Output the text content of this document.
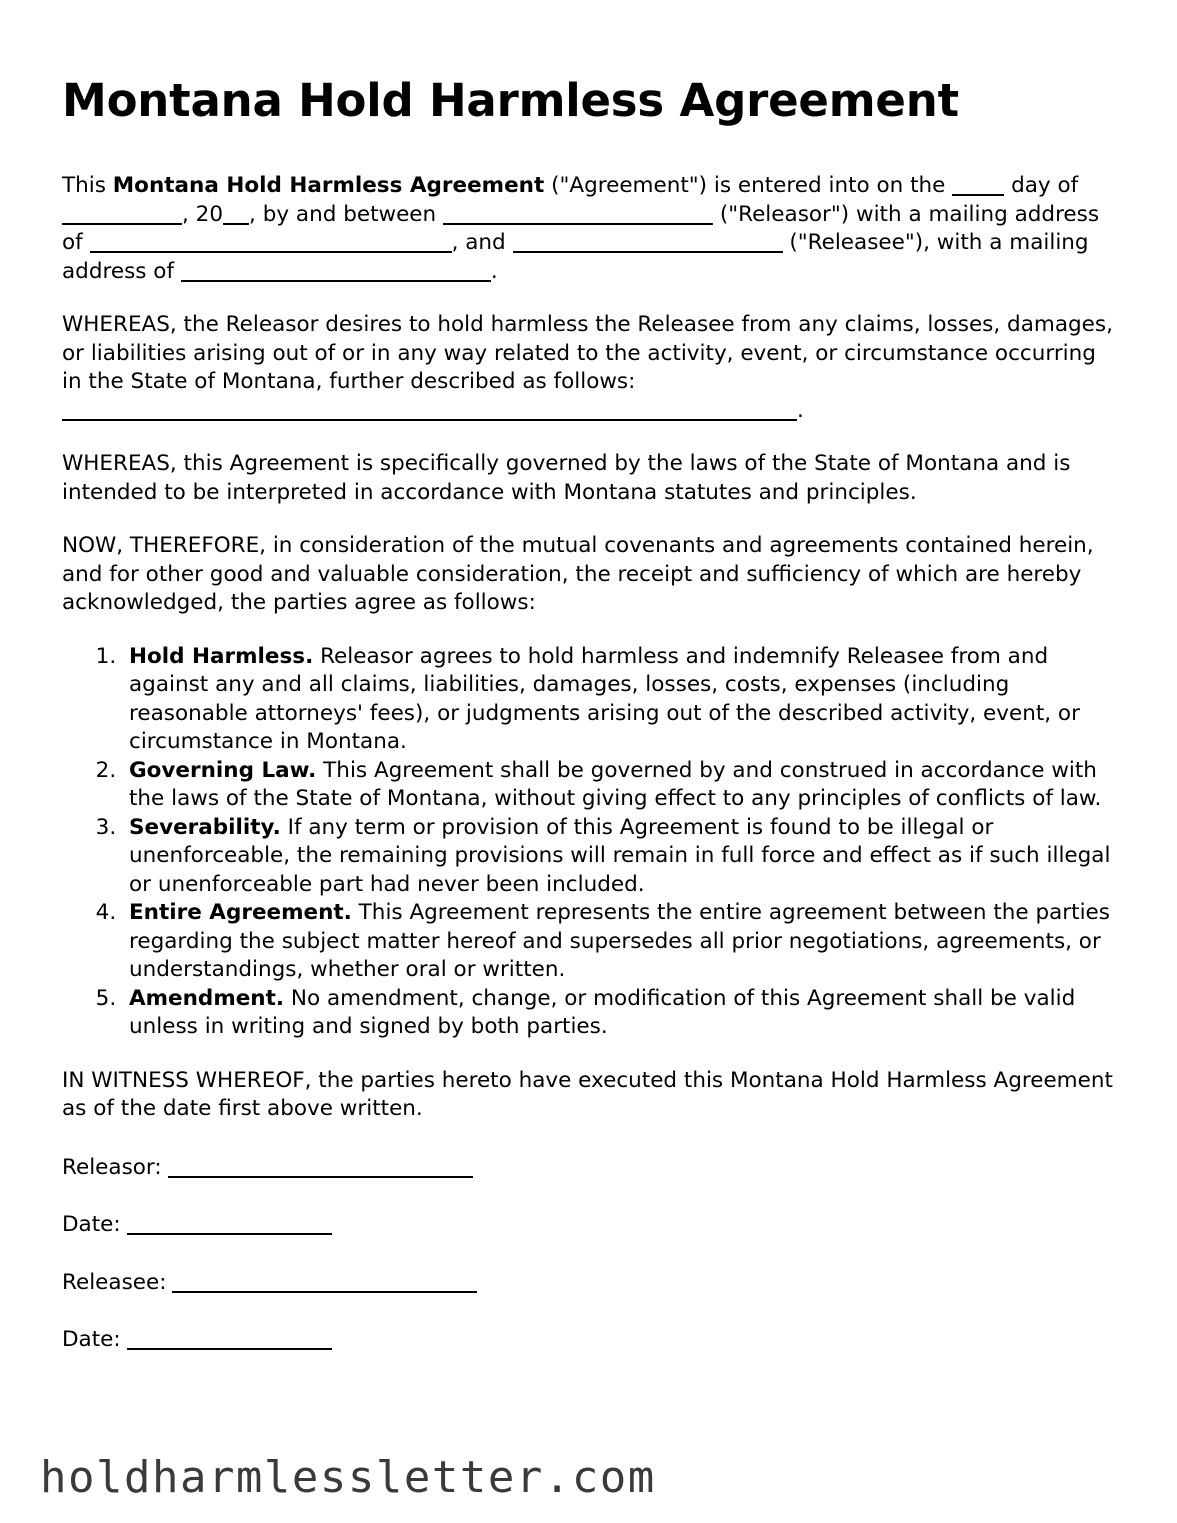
Montana Hold Harmless Agreement

This Montana Hold Harmless Agreement ("Agreement") is entered into on the  day of , 20 , by and between	("Releasor") with a mailing address of	, and	("Releasee"), with a mailing address of	.

WHEREAS, the Releasor desires to hold harmless the Releasee from any claims, losses, damages, or liabilities arising out of or in any way related to the activity, event, or circumstance occurring in the State of Montana, further described as follows:

.

WHEREAS, this Agreement is specifically governed by the laws of the State of Montana and is intended to be interpreted in accordance with Montana statutes and principles.

NOW, THEREFORE, in consideration of the mutual covenants and agreements contained herein, and for other good and valuable consideration, the receipt and sufficiency of which are hereby acknowledged, the parties agree as follows:

1. Hold Harmless. Releasor agrees to hold harmless and indemnify Releasee from and against any and all claims, liabilities, damages, losses, costs, expenses (including reasonable attorneys' fees), or judgments arising out of the described activity, event, or circumstance in Montana.
2. Governing Law. This Agreement shall be governed by and construed in accordance with the laws of the State of Montana, without giving effect to any principles of conflicts of law.
3. Severability. If any term or provision of this Agreement is found to be illegal or unenforceable, the remaining provisions will remain in full force and effect as if such illegal or unenforceable part had never been included.
4. Entire Agreement. This Agreement represents the entire agreement between the parties regarding the subject matter hereof and supersedes all prior negotiations, agreements, or understandings, whether oral or written.
5. Amendment. No amendment, change, or modification of this Agreement shall be valid unless in writing and signed by both parties.

IN WITNESS WHEREOF, the parties hereto have executed this Montana Hold Harmless Agreement as of the date first above written.

Releasor:
Date:
Releasee:
Date:
holdharmlessletter.com
